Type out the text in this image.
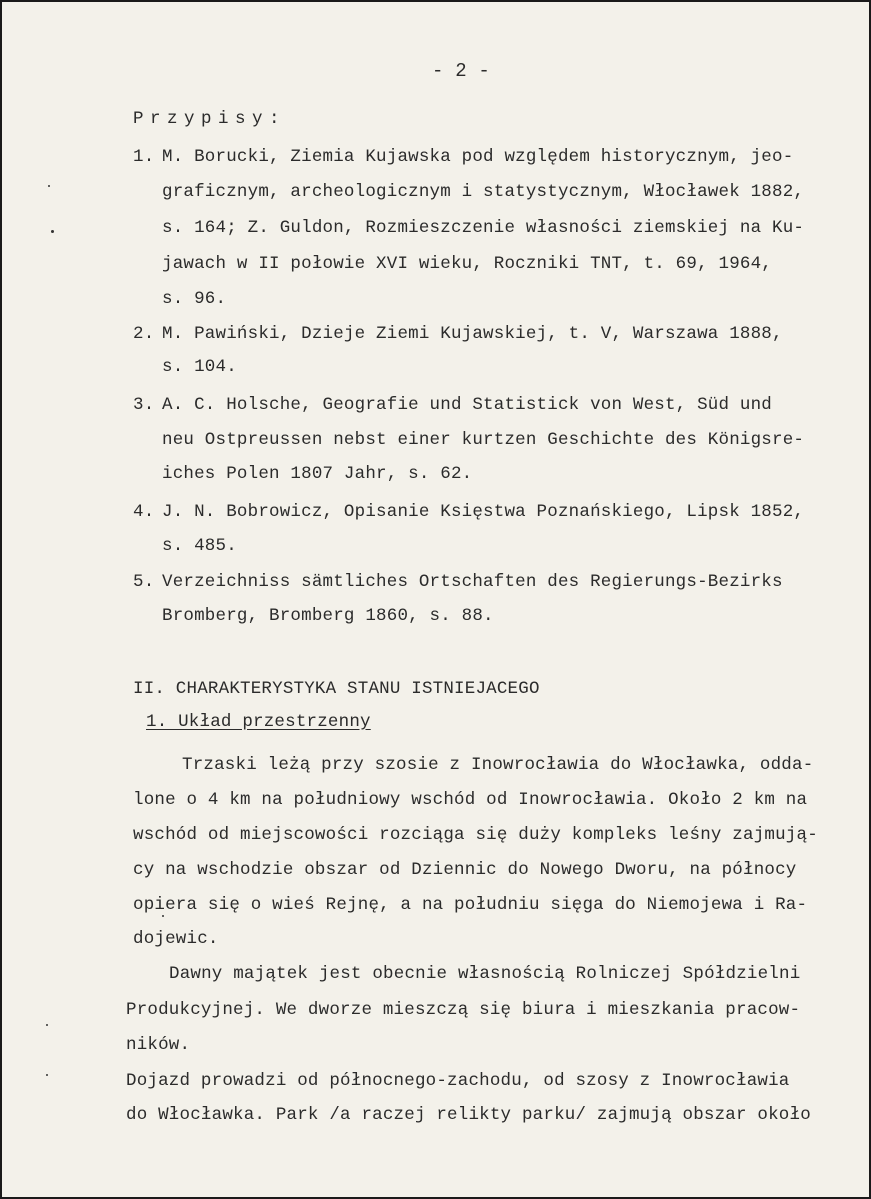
- 2 -
Przypisy:
1. M. Borucki, Ziemia Kujawska pod względem historycznym, jeo-
graficznym, archeologicznym i statystycznym, Włocławek 1882,
s. 164; Z. Guldon, Rozmieszczenie własności ziemskiej na Ku-
jawach w II połowie XVI wieku, Roczniki TNT, t. 69, 1964,
s. 96.
2. M. Pawiński, Dzieje Ziemi Kujawskiej, t. V, Warszawa 1888,
s. 104.
3. A. C. Holsche, Geografie und Statistick von West, Süd und
neu Ostpreussen nebst einer kurtzen Geschichte des Königsre-
iches Polen 1807 Jahr, s. 62.
4. J. N. Bobrowicz, Opisanie Księstwa Poznańskiego, Lipsk 1852,
s. 485.
5. Verzeichniss sämtliches Ortschaften des Regierungs-Bezirks
Bromberg, Bromberg 1860, s. 88.
II. CHARAKTERYSTYKA STANU ISTNIEJACEGO
1. Układ przestrzenny
Trzaski leżą przy szosie z Inowrocławia do Włocławka, odda-
lone o 4 km na południowy wschód od Inowrocławia. Około 2 km na
wschód od miejscowości rozciąga się duży kompleks leśny zajmują-
cy na wschodzie obszar od Dziennic do Nowego Dworu, na północy
opiera się o wieś Rejnę, a na południu sięga do Niemojewa i Ra-
dojewic.
Dawny majątek jest obecnie własnością Rolniczej Spółdzielni
Produkcyjnej. We dworze mieszczą się biura i mieszkania pracow-
ników.
Dojazd prowadzi od północnego-zachodu, od szosy z Inowrocławia
do Włocławka. Park /a raczej relikty parku/ zajmują obszar około
